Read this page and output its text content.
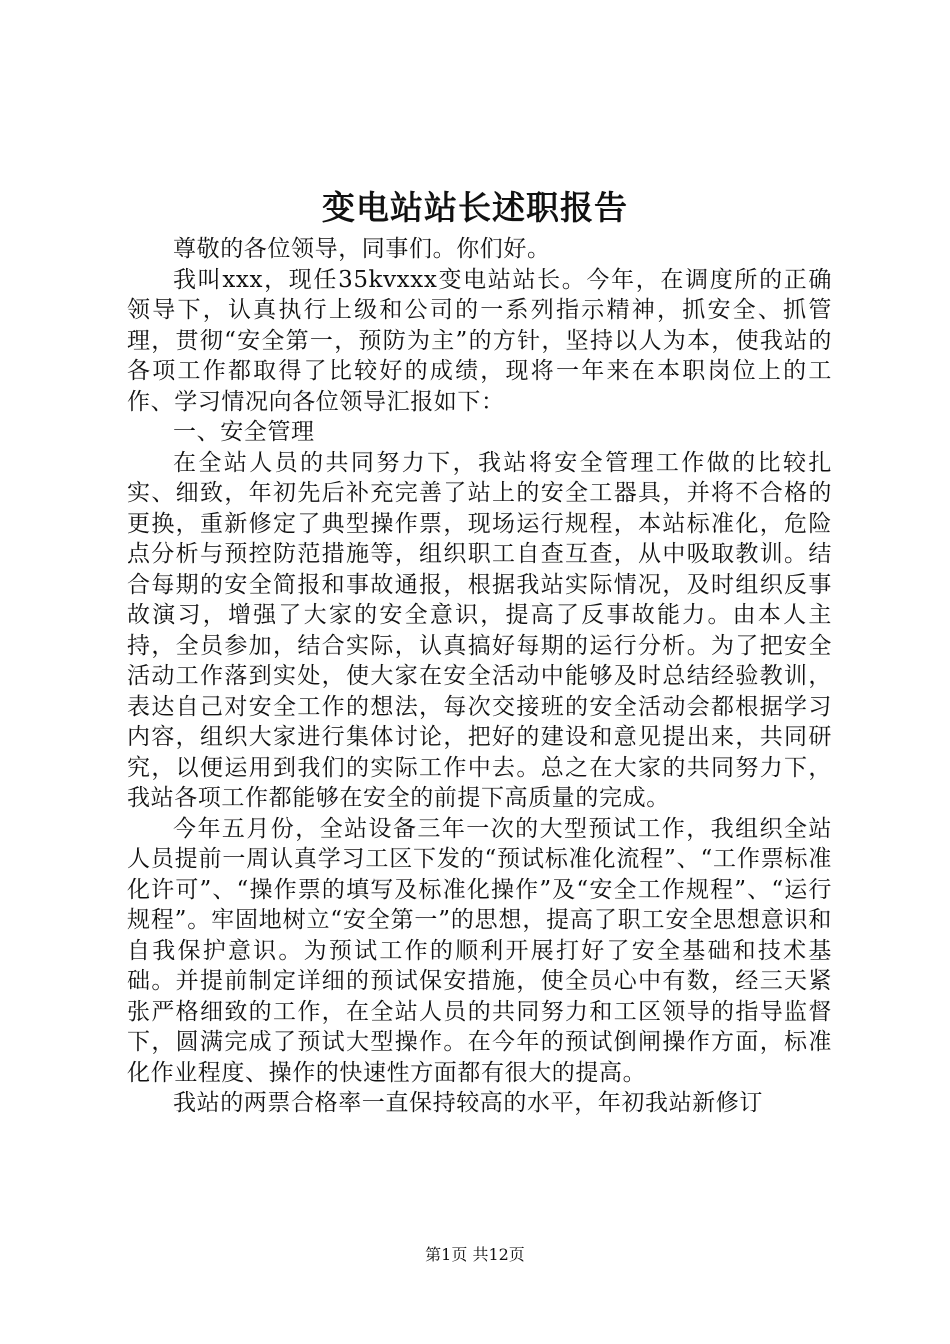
变电站站长述职报告

尊敬的各位领导，同事们。你们好。

我叫xxx，现任35kvxxx变电站站长。今年，在调度所的正确领导下，认真执行上级和公司的一系列指示精神，抓安全、抓管理，贯彻“安全第一，预防为主”的方针，坚持以人为本，使我站的各项工作都取得了比较好的成绩，现将一年来在本职岗位上的工作、学习情况向各位领导汇报如下：

一、安全管理

在全站人员的共同努力下，我站将安全管理工作做的比较扎实、细致，年初先后补充完善了站上的安全工器具，并将不合格的更换，重新修定了典型操作票，现场运行规程，本站标准化，危险点分析与预控防范措施等，组织职工自查互查，从中吸取教训。结合每期的安全简报和事故通报，根据我站实际情况，及时组织反事故演习，增强了大家的安全意识，提高了反事故能力。由本人主持，全员参加，结合实际，认真搞好每期的运行分析。为了把安全活动工作落到实处，使大家在安全活动中能够及时总结经验教训，表达自己对安全工作的想法，每次交接班的安全活动会都根据学习内容，组织大家进行集体讨论，把好的建设和意见提出来，共同研究，以便运用到我们的实际工作中去。总之在大家的共同努力下，我站各项工作都能够在安全的前提下高质量的完成。

今年五月份，全站设备三年一次的大型预试工作，我组织全站人员提前一周认真学习工区下发的“预试标准化流程”、“工作票标准化许可”、“操作票的填写及标准化操作”及“安全工作规程”、“运行规程”。牢固地树立“安全第一”的思想，提高了职工安全思想意识和自我保护意识。为预试工作的顺利开展打好了安全基础和技术基础。并提前制定详细的预试保安措施，使全员心中有数，经三天紧张严格细致的工作，在全站人员的共同努力和工区领导的指导监督下，圆满完成了预试大型操作。在今年的预试倒闸操作方面，标准化作业程度、操作的快速性方面都有很大的提高。

我站的两票合格率一直保持较高的水平，年初我站新修订

第1页 共12页
